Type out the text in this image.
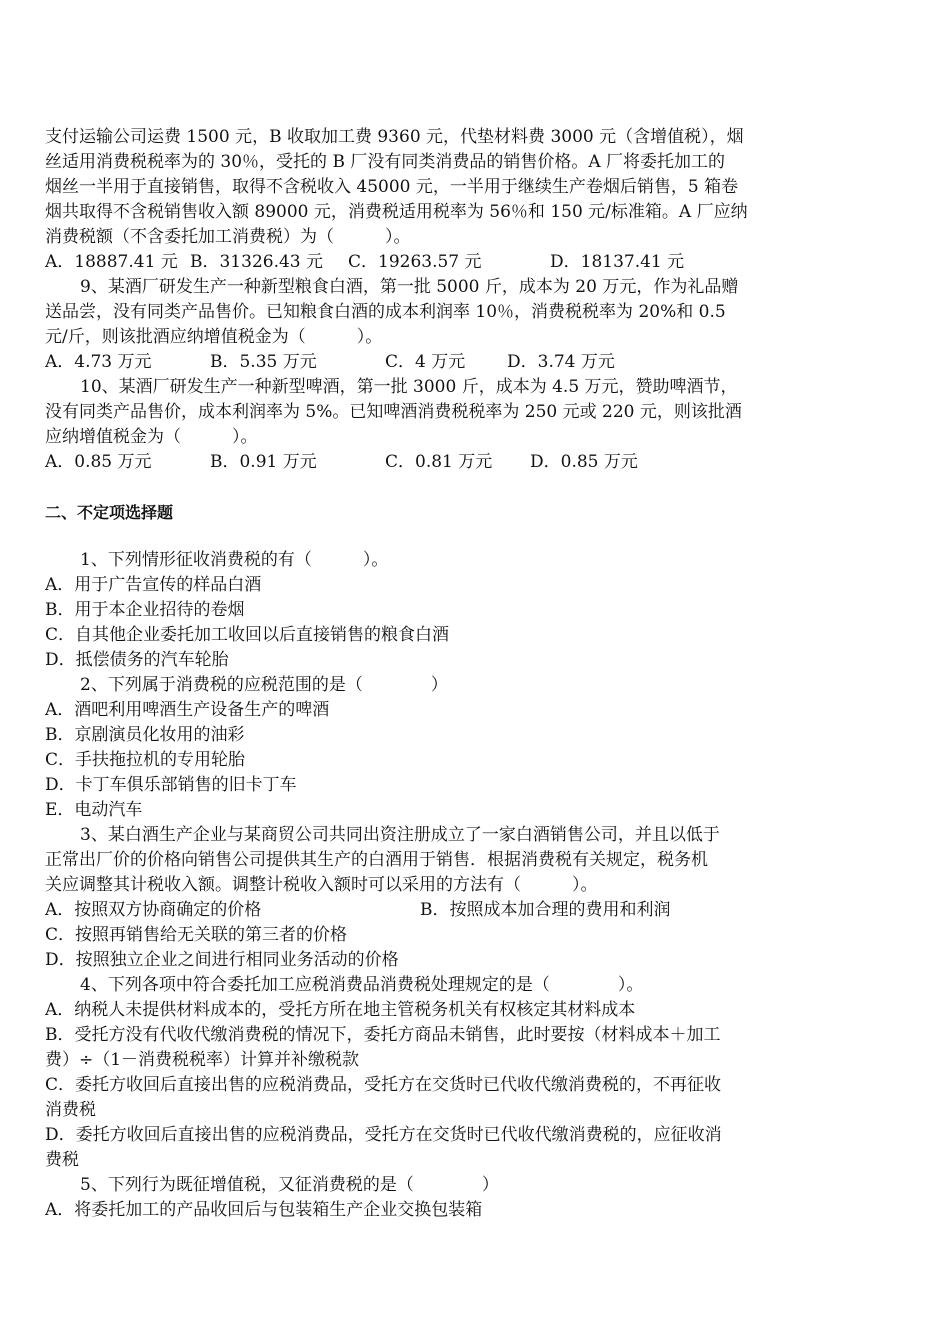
支付运输公司运费 1500 元，B 收取加工费 9360 元，代垫材料费 3000 元（含增值税），烟
丝适用消费税税率为的 30％，受托的 B 厂没有同类消费品的销售价格。A 厂将委托加工的
烟丝一半用于直接销售，取得不含税收入 45000 元，一半用于继续生产卷烟后销售，5 箱卷
烟共取得不含税销售收入额 89000 元，消费税适用税率为 56％和 150 元/标准箱。A 厂应纳
消费税额（不含委托加工消费税）为（　　　）。
A．18887.41 元 B．31326.43 元 C．19263.57 元	D．18137.41 元
9、某酒厂研发生产一种新型粮食白酒，第一批 5000 斤，成本为 20 万元，作为礼品赠
送品尝，没有同类产品售价。已知粮食白酒的成本利润率 10％，消费税税率为 20%和 0.5
元/斤，则该批酒应纳增值税金为（　　　）。
A．4.73 万元	B．5.35 万元	C．4 万元 D．3.74 万元
10、某酒厂研发生产一种新型啤酒，第一批 3000 斤，成本为 4.5 万元，赞助啤酒节，
没有同类产品售价，成本利润率为 5%。已知啤酒消费税税率为 250 元或 220 元，则该批酒
应纳增值税金为（　　　）。
A．0.85 万元	B．0.91 万元	C．0.81 万元 D．0.85 万元
二、不定项选择题
1、下列情形征收消费税的有（　　　）。
A．用于广告宣传的样品白酒
B．用于本企业招待的卷烟
C．自其他企业委托加工收回以后直接销售的粮食白酒
D．抵偿债务的汽车轮胎
2、下列属于消费税的应税范围的是（　　　　）
A．酒吧利用啤酒生产设备生产的啤酒
B．京剧演员化妆用的油彩
C．手扶拖拉机的专用轮胎
D．卡丁车俱乐部销售的旧卡丁车
E．电动汽车
3、某白酒生产企业与某商贸公司共同出资注册成立了一家白酒销售公司，并且以低于
正常出厂价的价格向销售公司提供其生产的白酒用于销售．根据消费税有关规定，税务机
关应调整其计税收入额。调整计税收入额时可以采用的方法有（　　　）。
A．按照双方协商确定的价格	B．按照成本加合理的费用和利润
C．按照再销售给无关联的第三者的价格
D．按照独立企业之间进行相同业务活动的价格
4、下列各项中符合委托加工应税消费品消费税处理规定的是（　　　　）。
A．纳税人未提供材料成本的，受托方所在地主管税务机关有权核定其材料成本
B．受托方没有代收代缴消费税的情况下，委托方商品未销售，此时要按（材料成本＋加工
费）÷（1－消费税税率）计算并补缴税款
C．委托方收回后直接出售的应税消费品，受托方在交货时已代收代缴消费税的，不再征收
消费税
D．委托方收回后直接出售的应税消费品，受托方在交货时已代收代缴消费税的，应征收消
费税
5、下列行为既征增值税，又征消费税的是（　　　　）
A．将委托加工的产品收回后与包装箱生产企业交换包装箱
